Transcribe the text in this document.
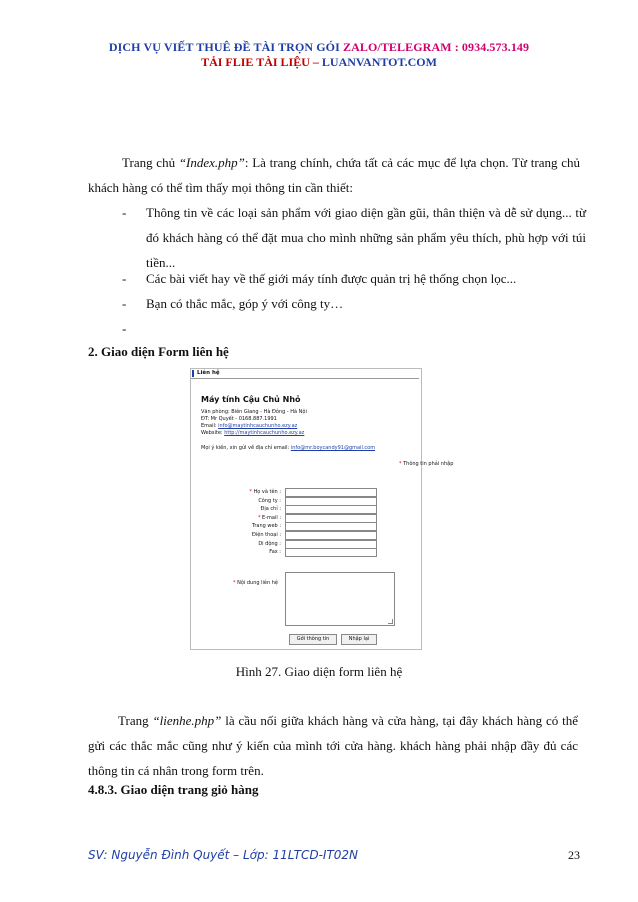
DỊCH VỤ VIẾT THUÊ ĐỀ TÀI TRỌN GÓI ZALO/TELEGRAM : 0934.573.149
TẢI FLIE TÀI LIỆU – LUANVANTOT.COM
Trang chủ “Index.php”: Là trang chính, chứa tất cả các mục để lựa chọn. Từ trang chủ khách hàng có thể tìm thấy mọi thông tin cần thiết:
- Thông tin về các loại sản phẩm với giao diện gần gũi, thân thiện và dễ sử dụng... từ đó khách hàng có thể đặt mua cho mình những sản phẩm yêu thích, phù hợp với túi tiền...
- Các bài viết hay về thế giới máy tính được quản trị hệ thống chọn lọc...
- Bạn có thắc mắc, góp ý với công ty…
-
2. Giao diện Form liên hệ
Liên hệ
Máy tính Cậu Chủ Nhỏ
Văn phòng: Biên Giang - Hà Đông - Hà Nội
ĐT: Mr Quyết - 0168.887.1991
Email: info@maytinhcauchunho.ezy.az
Website: http://maytinhcauchunho.ezy.az
Mọi ý kiến, xin gửi về địa chỉ email: info@mr.boycandy91@gmail.com
* Thông tin phải nhập
* Họ và tên :
Công ty :
Địa chỉ :
* E-mail :
Trang web :
Điện thoại :
Di động :
Fax :
* Nội dung liên hệ
Gởi thông tin	Nhập lại
Hình 27. Giao diện form liên hệ
Trang “lienhe.php” là cầu nối giữa khách hàng và cửa hàng, tại đây khách hàng có thể gửi các thắc mắc cũng như ý kiến của mình tới cửa hàng. khách hàng phải nhập đầy đủ các thông tin cá nhân trong form trên.
4.8.3. Giao diện trang giỏ hàng
SV: Nguyễn Đình Quyết – Lớp: 11LTCD-IT02N	23
